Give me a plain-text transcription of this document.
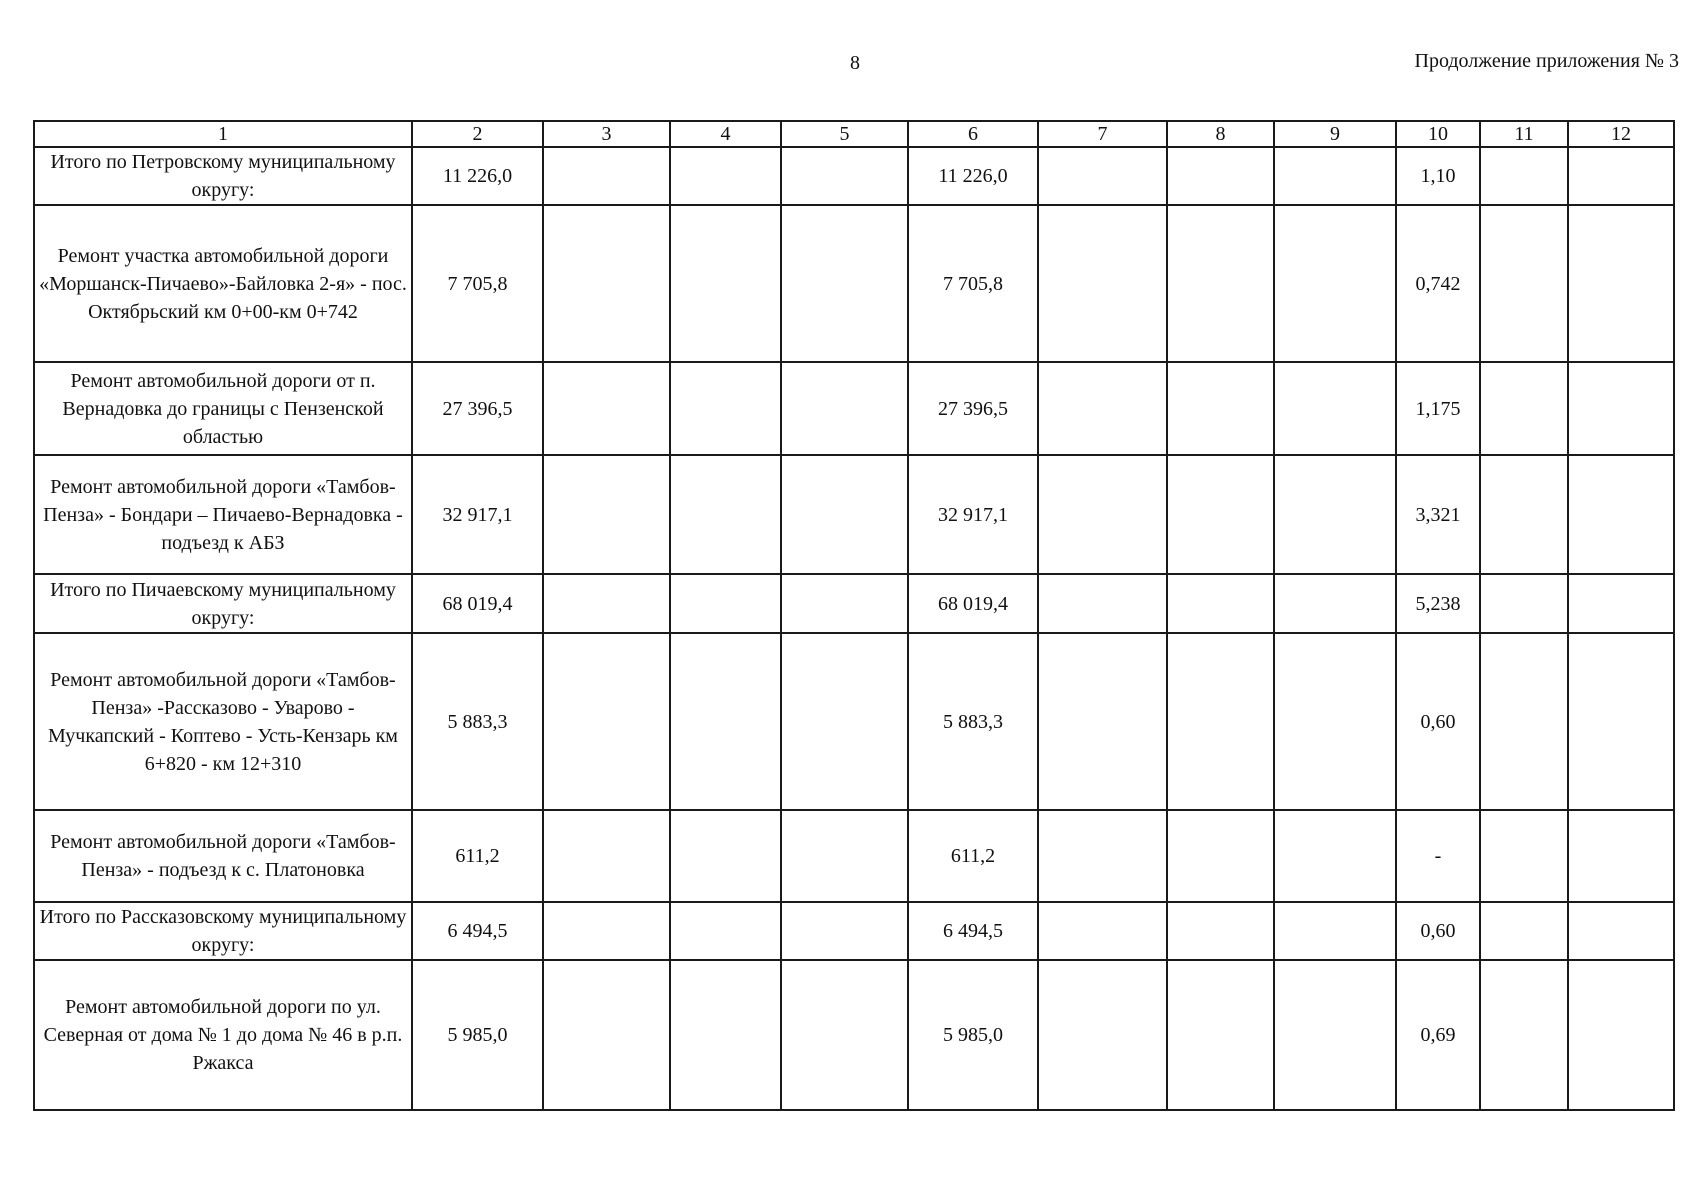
8	Продолжение приложения № 3
1	2	3	4	5	6	7	8	9	10	11	12
Итого по Петровскому муниципальному округу:	11 226,0				11 226,0				1,10		
Ремонт участка автомобильной дороги «Моршанск-Пичаево»-Байловка 2-я» - пос. Октябрьский км 0+00-км 0+742	7 705,8				7 705,8				0,742		
Ремонт автомобильной дороги от п. Вернадовка до границы с Пензенской областью	27 396,5				27 396,5				1,175		
Ремонт автомобильной дороги «Тамбов-Пенза» - Бондари – Пичаево-Вернадовка - подъезд к АБЗ	32 917,1				32 917,1				3,321		
Итого по Пичаевскому муниципальному округу:	68 019,4				68 019,4				5,238		
Ремонт автомобильной дороги «Тамбов-Пенза» -Рассказово - Уварово - Мучкапский - Коптево - Усть-Кензарь км 6+820 - км 12+310	5 883,3				5 883,3				0,60		
Ремонт автомобильной дороги «Тамбов-Пенза» - подъезд к с. Платоновка	611,2				611,2				-		
Итого по Рассказовскому муниципальному округу:	6 494,5				6 494,5				0,60		
Ремонт автомобильной дороги по ул. Северная от дома № 1 до дома № 46 в р.п. Ржакса	5 985,0				5 985,0				0,69		
